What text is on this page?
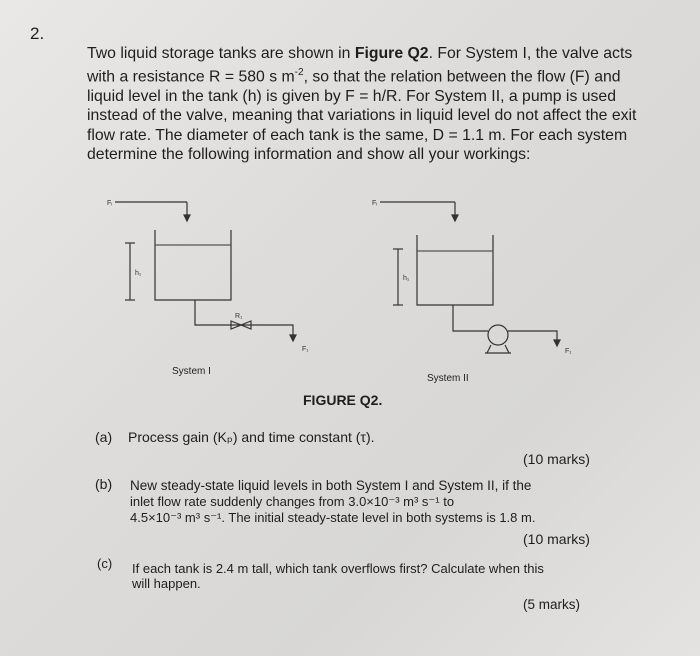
2.
Two liquid storage tanks are shown in Figure Q2. For System I, the valve acts with a resistance R = 580 s $m^{-2}$, so that the relation between the flow (F) and liquid level in the tank (h) is given by F = h/R. For System II, a pump is used instead of the valve, meaning that variations in liquid level do not affect the exit flow rate. The diameter of each tank is the same, D = 1.1 m. For each system determine the following information and show all your workings:
Fᵢ
h₁
R₁
F₁
Fᵢ
h₁
F₁
System I
System II
FIGURE Q2.
(a) Process gain (Kₚ) and time constant (τ).
(10 marks)
(b) New steady-state liquid levels in both System I and System II, if the
inlet flow rate suddenly changes from 3.0×10⁻³ m³ s⁻¹ to
4.5×10⁻³ m³ s⁻¹. The initial steady-state level in both systems is 1.8 m.
(10 marks)
(c) If each tank is 2.4 m tall, which tank overflows first? Calculate when this
will happen.
(5 marks)
